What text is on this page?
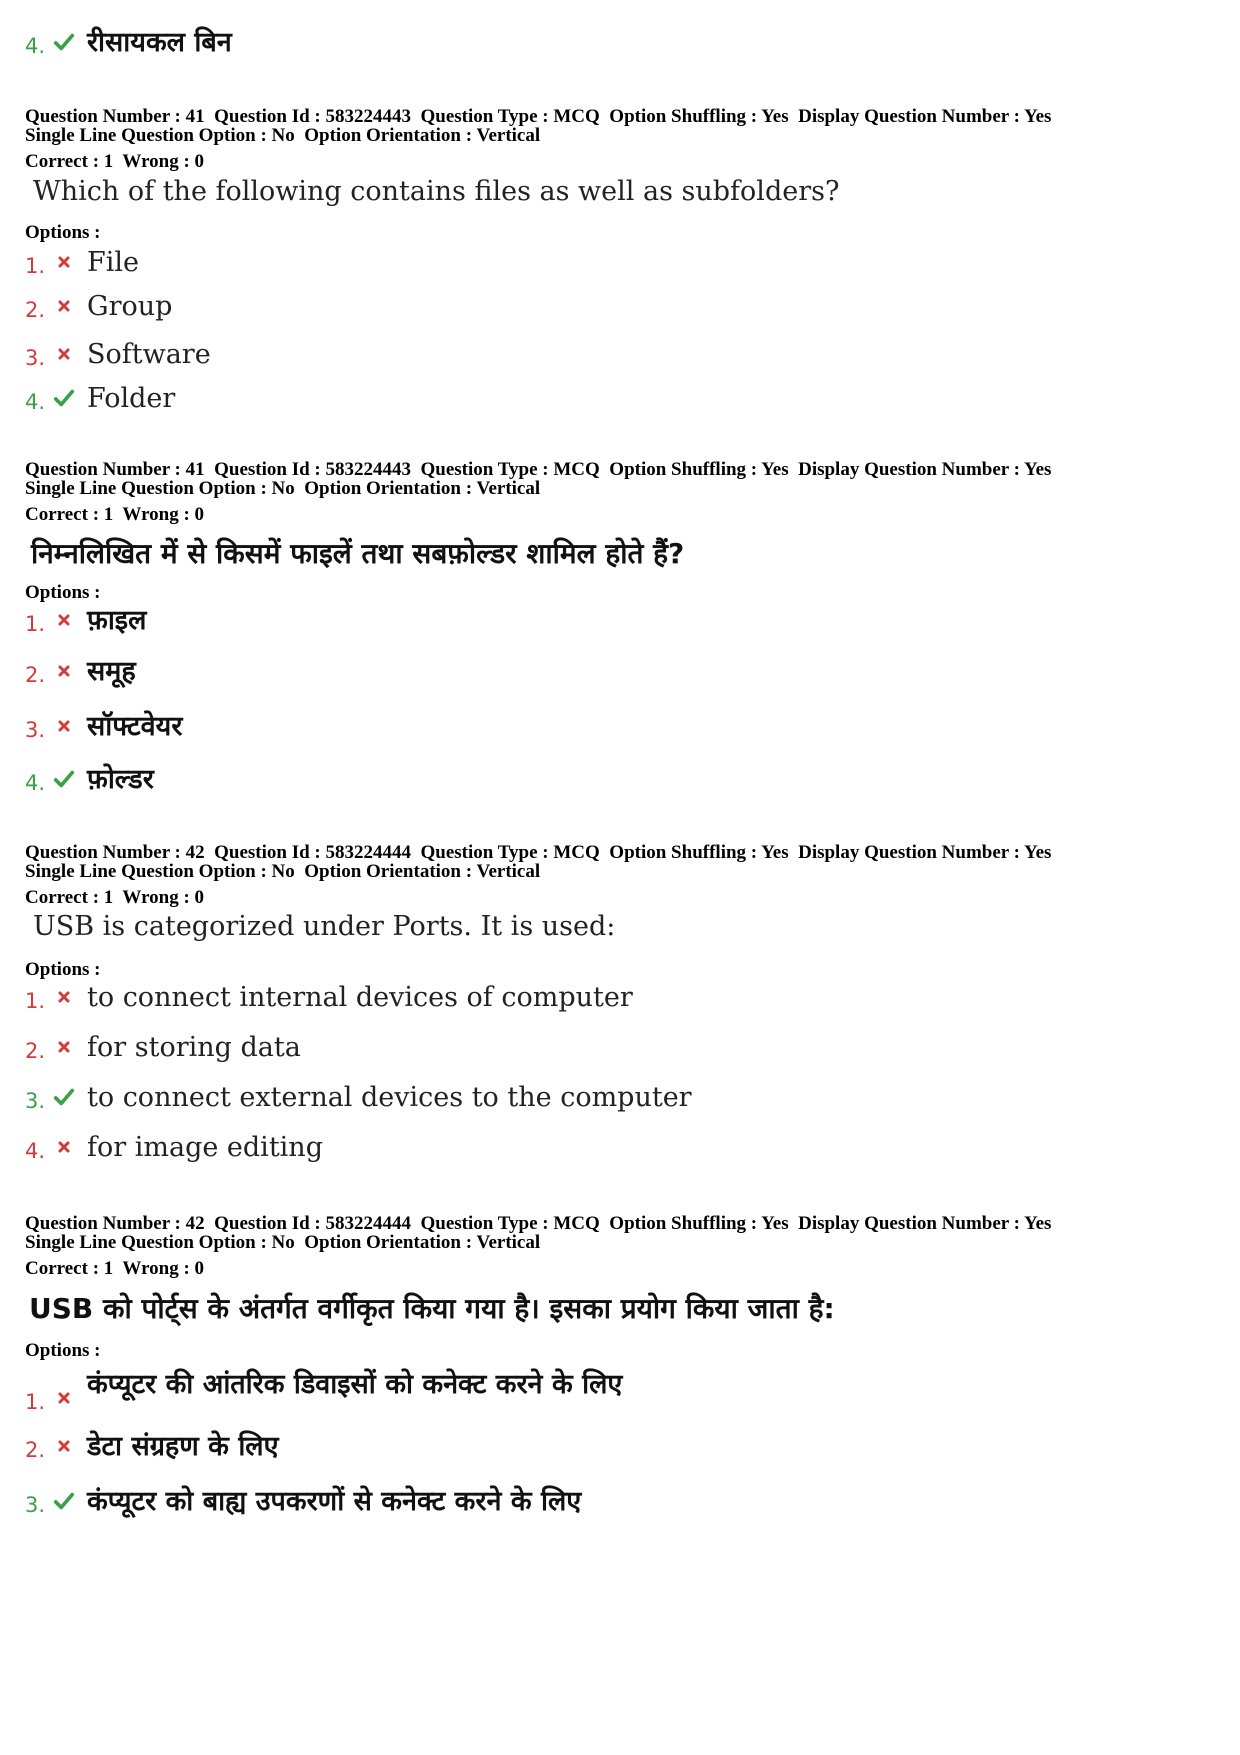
4. रीसायकल बिन
Question Number : 41  Question Id : 583224443  Question Type : MCQ  Option Shuffling : Yes  Display Question Number : Yes
Single Line Question Option : No  Option Orientation : Vertical
Correct : 1  Wrong : 0
Which of the following contains files as well as subfolders?
Options :
1. File
2. Group
3. Software
4. Folder
Question Number : 41  Question Id : 583224443  Question Type : MCQ  Option Shuffling : Yes  Display Question Number : Yes
Single Line Question Option : No  Option Orientation : Vertical
Correct : 1  Wrong : 0
निम्नलिखित में से किसमें फाइलें तथा सबफ़ोल्डर शामिल होते हैं?
Options :
1. फ़ाइल
2. समूह
3. सॉफ्टवेयर
4. फ़ोल्डर
Question Number : 42  Question Id : 583224444  Question Type : MCQ  Option Shuffling : Yes  Display Question Number : Yes
Single Line Question Option : No  Option Orientation : Vertical
Correct : 1  Wrong : 0
USB is categorized under Ports. It is used:
Options :
1. to connect internal devices of computer
2. for storing data
3. to connect external devices to the computer
4. for image editing
Question Number : 42  Question Id : 583224444  Question Type : MCQ  Option Shuffling : Yes  Display Question Number : Yes
Single Line Question Option : No  Option Orientation : Vertical
Correct : 1  Wrong : 0
USB को पोर्ट्स के अंतर्गत वर्गीकृत किया गया है। इसका प्रयोग किया जाता है:
Options :
1.
कंप्यूटर की आंतरिक डिवाइसों को कनेक्ट करने के लिए
2. डेटा संग्रहण के लिए
3. कंप्यूटर को बाह्य उपकरणों से कनेक्ट करने के लिए
